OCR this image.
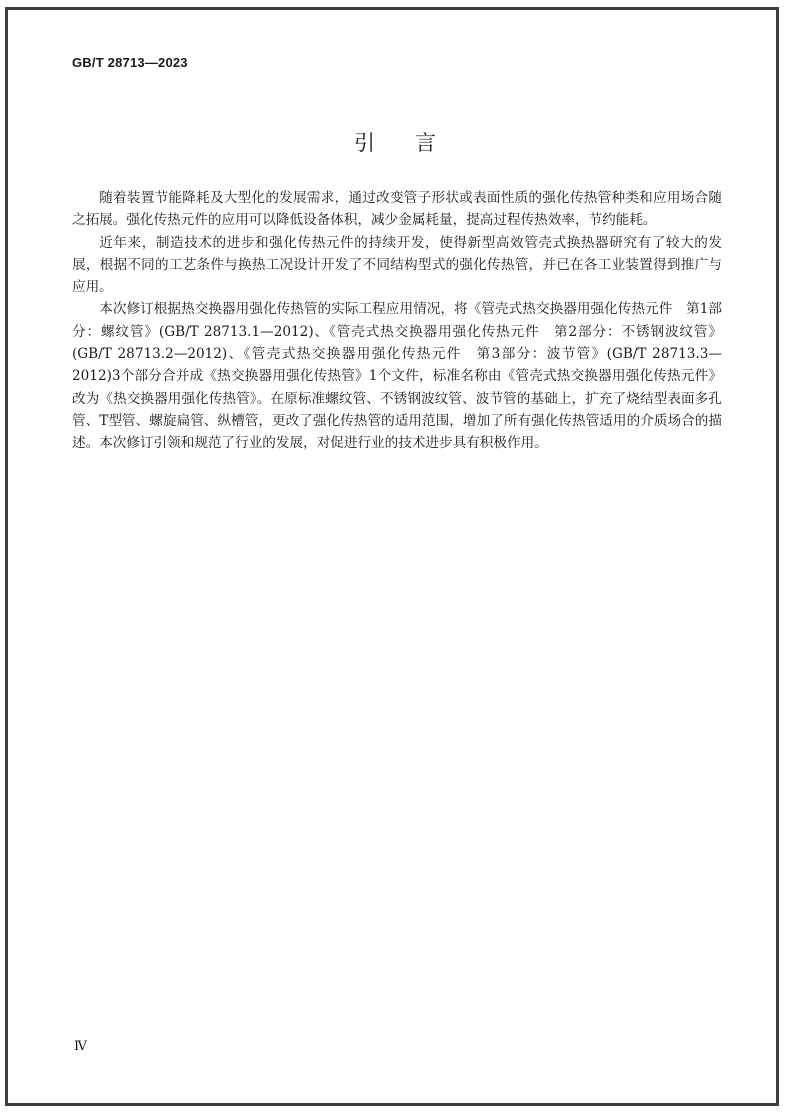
GB/T 28713—2023
引 言

随着装置节能降耗及大型化的发展需求，通过改变管子形状或表面性质的强化传热管种类和应用场合随之拓展。强化传热元件的应用可以降低设备体积，减少金属耗量，提高过程传热效率，节约能耗。

近年来，制造技术的进步和强化传热元件的持续开发，使得新型高效管壳式换热器研究有了较大的发展，根据不同的工艺条件与换热工况设计开发了不同结构型式的强化传热管，并已在各工业装置得到推广与应用。

本次修订根据热交换器用强化传热管的实际工程应用情况，将《管壳式热交换器用强化传热元件　第1部分：螺纹管》(GB/T 28713.1—2012)、《管壳式热交换器用强化传热元件　第2部分：不锈钢波纹管》(GB/T 28713.2—2012)、《管壳式热交换器用强化传热元件　第3部分：波节管》(GB/T 28713.3—2012)3个部分合并成《热交换器用强化传热管》1个文件，标准名称由《管壳式热交换器用强化传热元件》改为《热交换器用强化传热管》。在原标准螺纹管、不锈钢波纹管、波节管的基础上，扩充了烧结型表面多孔管、T型管、螺旋扁管、纵槽管，更改了强化传热管的适用范围，增加了所有强化传热管适用的介质场合的描述。本次修订引领和规范了行业的发展，对促进行业的技术进步具有积极作用。

Ⅳ
